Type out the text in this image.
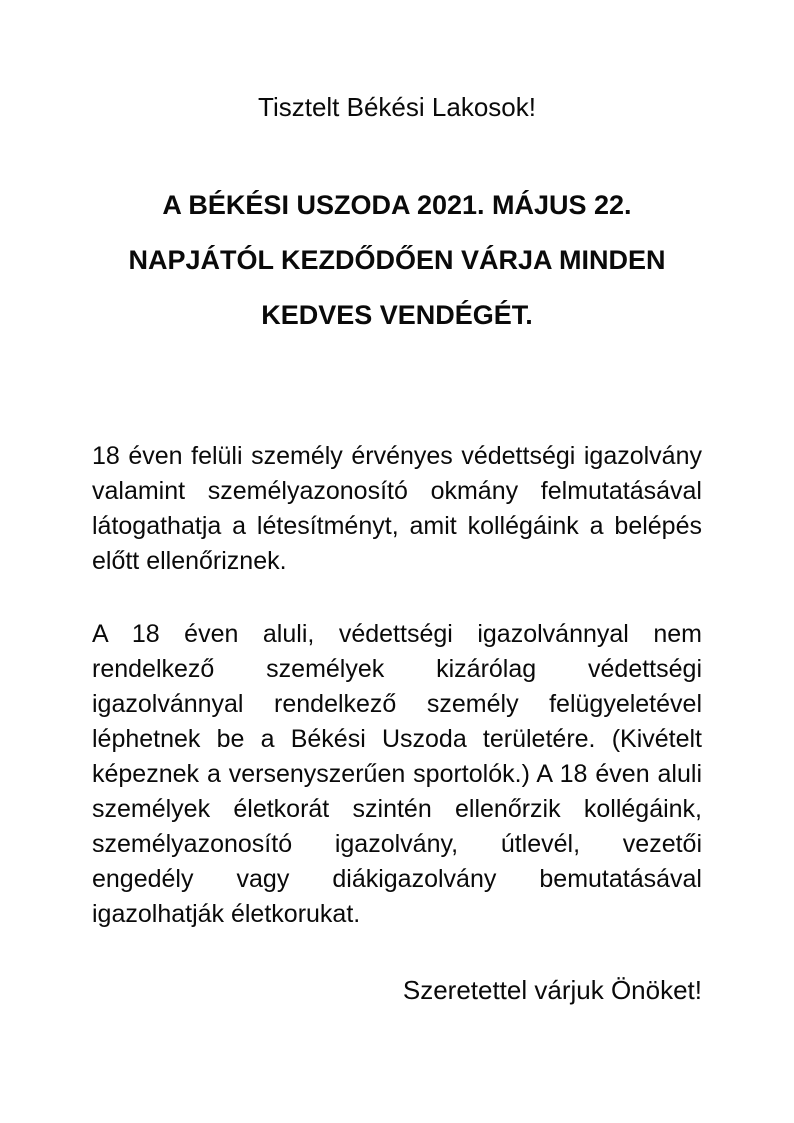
Tisztelt Békési Lakosok!

A BÉKÉSI USZODA 2021. MÁJUS 22. NAPJÁTÓL KEZDŐDŐEN VÁRJA MINDEN KEDVES VENDÉGÉT.

18 éven felüli személy érvényes védettségi igazolvány valamint személyazonosító okmány felmutatásával látogathatja a létesítményt, amit kollégáink a belépés előtt ellenőriznek.

A 18 éven aluli, védettségi igazolvánnyal nem rendelkező személyek kizárólag védettségi igazolvánnyal rendelkező személy felügyeletével léphetnek be a Békési Uszoda területére. (Kivételt képeznek a versenyszerűen sportolók.) A 18 éven aluli személyek életkorát szintén ellenőrzik kollégáink, személyazonosító igazolvány, útlevél, vezetői engedély vagy diákigazolvány bemutatásával igazolhatják életkorukat.

Szeretettel várjuk Önöket!
